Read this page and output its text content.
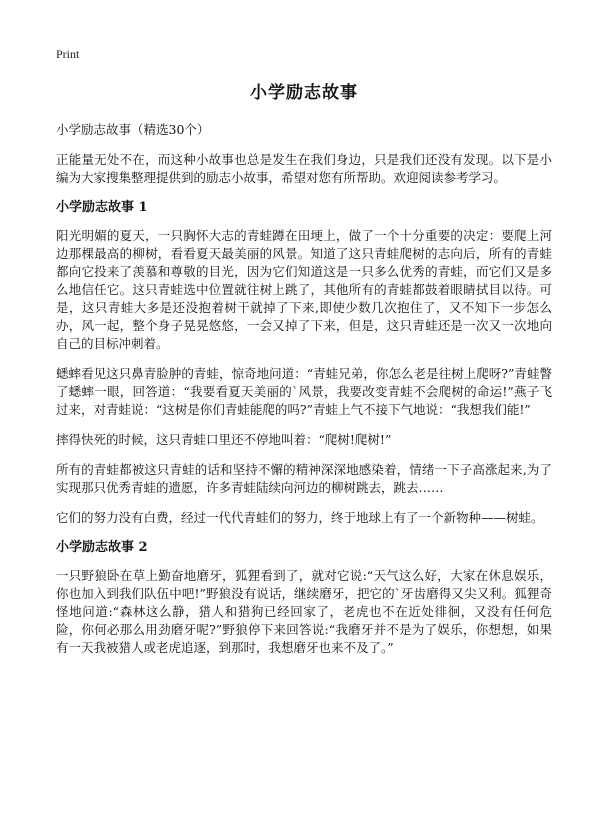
Print
小学励志故事
小学励志故事（精选30个）

正能量无处不在，而这种小故事也总是发生在我们身边，只是我们还没有发现。以下是小编为大家搜集整理提供到的励志小故事，希望对您有所帮助。欢迎阅读参考学习。

小学励志故事 1

阳光明媚的夏天，一只胸怀大志的青蛙蹲在田埂上，做了一个十分重要的决定：要爬上河边那棵最高的柳树，看看夏天最美丽的风景。知道了这只青蛙爬树的志向后，所有的青蛙都向它投来了羡慕和尊敬的目光，因为它们知道这是一只多么优秀的青蛙，而它们又是多么地信任它。这只青蛙选中位置就往树上跳了，其他所有的青蛙都鼓着眼睛拭目以待。可是，这只青蛙大多是还没抱着树干就掉了下来,即使少数几次抱住了，又不知下一步怎么办，风一起，整个身子晃晃悠悠，一会又掉了下来，但是，这只青蛙还是一次又一次地向自己的目标冲刺着。

蟋蟀看见这只鼻青脸肿的青蛙，惊奇地问道：“青蛙兄弟，你怎么老是往树上爬呀?”青蛙瞥了蟋蟀一眼，回答道：“我要看夏天美丽的`风景，我要改变青蛙不会爬树的命运!”燕子飞过来，对青蛙说：“这树是你们青蛙能爬的吗?”青蛙上气不接下气地说：“我想我们能!”

摔得快死的时候，这只青蛙口里还不停地叫着：“爬树!爬树!”

所有的青蛙都被这只青蛙的话和坚持不懈的精神深深地感染着，情绪一下子高涨起来,为了实现那只优秀青蛙的遗愿，许多青蛙陆续向河边的柳树跳去，跳去……

它们的努力没有白费，经过一代代青蛙们的努力，终于地球上有了一个新物种——树蛙。

小学励志故事 2

一只野狼卧在草上勤奋地磨牙，狐狸看到了，就对它说:“天气这么好，大家在休息娱乐，你也加入到我们队伍中吧!”野狼没有说话，继续磨牙，把它的`牙齿磨得又尖又利。狐狸奇怪地问道:“森林这么静，猎人和猎狗已经回家了，老虎也不在近处徘徊，又没有任何危险，你何必那么用劲磨牙呢?”野狼停下来回答说:“我磨牙并不是为了娱乐，你想想，如果有一天我被猎人或老虎追逐，到那时，我想磨牙也来不及了。”
